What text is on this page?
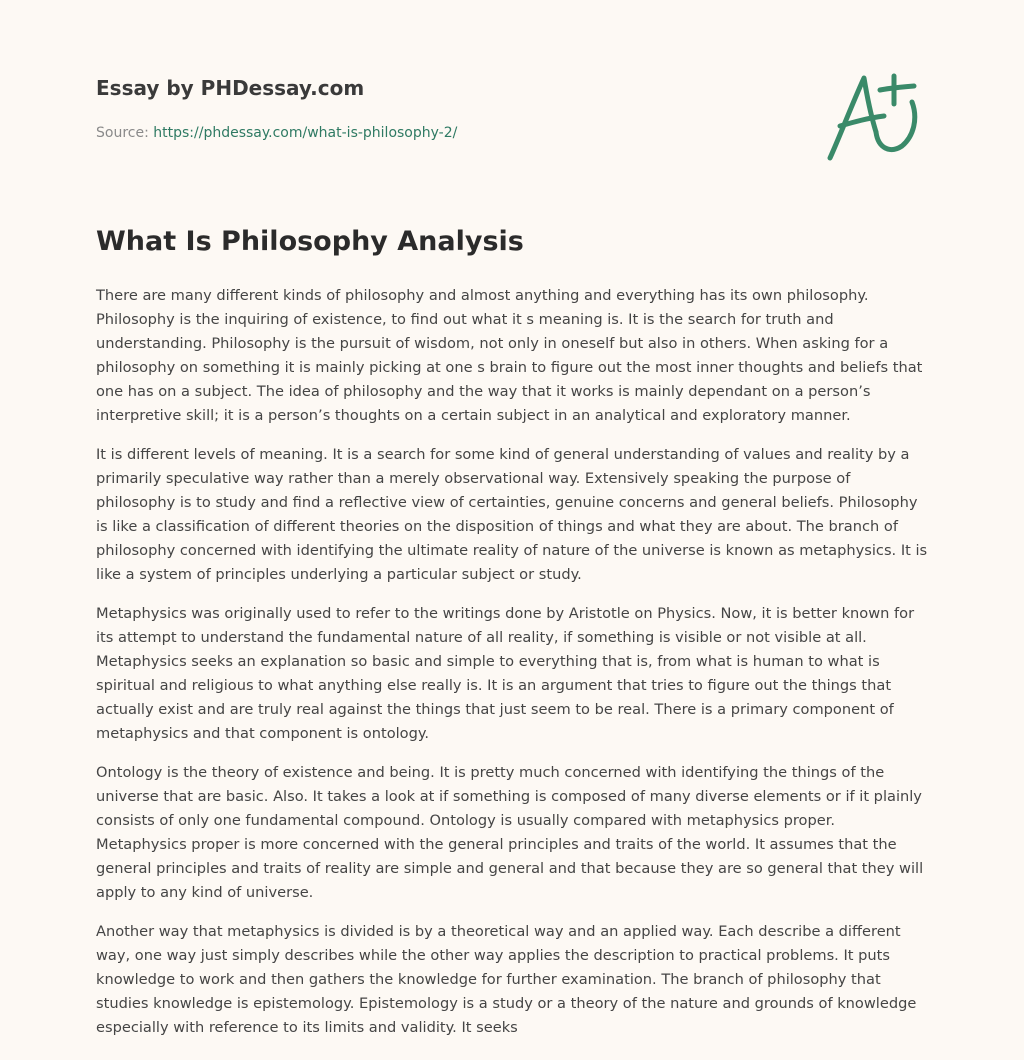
Essay by PHDessay.com
Source: https://phdessay.com/what-is-philosophy-2/
What Is Philosophy Analysis

There are many different kinds of philosophy and almost anything and everything has its own philosophy. Philosophy is the inquiring of existence, to find out what it s meaning is. It is the search for truth and understanding. Philosophy is the pursuit of wisdom, not only in oneself but also in others. When asking for a philosophy on something it is mainly picking at one s brain to figure out the most inner thoughts and beliefs that one has on a subject. The idea of philosophy and the way that it works is mainly dependant on a person’s interpretive skill; it is a person’s thoughts on a certain subject in an analytical and exploratory manner.

It is different levels of meaning. It is a search for some kind of general understanding of values and reality by a primarily speculative way rather than a merely observational way. Extensively speaking the purpose of philosophy is to study and find a reflective view of certainties, genuine concerns and general beliefs. Philosophy is like a classification of different theories on the disposition of things and what they are about. The branch of philosophy concerned with identifying the ultimate reality of nature of the universe is known as metaphysics. It is like a system of principles underlying a particular subject or study.

Metaphysics was originally used to refer to the writings done by Aristotle on Physics. Now, it is better known for its attempt to understand the fundamental nature of all reality, if something is visible or not visible at all. Metaphysics seeks an explanation so basic and simple to everything that is, from what is human to what is spiritual and religious to what anything else really is. It is an argument that tries to figure out the things that actually exist and are truly real against the things that just seem to be real. There is a primary component of metaphysics and that component is ontology.

Ontology is the theory of existence and being. It is pretty much concerned with identifying the things of the universe that are basic. Also. It takes a look at if something is composed of many diverse elements or if it plainly consists of only one fundamental compound. Ontology is usually compared with metaphysics proper. Metaphysics proper is more concerned with the general principles and traits of the world. It assumes that the general principles and traits of reality are simple and general and that because they are so general that they will apply to any kind of universe.

Another way that metaphysics is divided is by a theoretical way and an applied way. Each describe a different way, one way just simply describes while the other way applies the description to practical problems. It puts knowledge to work and then gathers the knowledge for further examination. The branch of philosophy that studies knowledge is epistemology. Epistemology is a study or a theory of the nature and grounds of knowledge especially with reference to its limits and validity. It seeks
